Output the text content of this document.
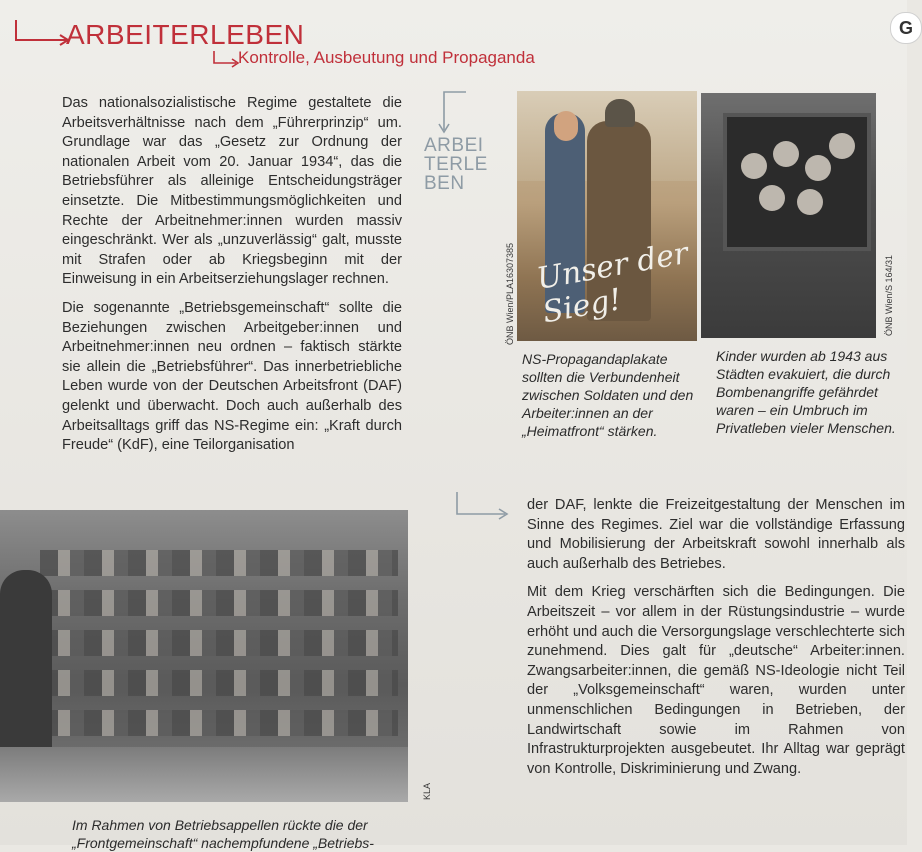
ARBEITERLEBEN
Kontrolle, Ausbeutung und Propaganda

Das nationalsozialistische Regime gestaltete die Arbeitsverhältnisse nach dem „Führerprinzip“ um. Grundlage war das „Gesetz zur Ordnung der nationalen Arbeit vom 20. Januar 1934“, das die Betriebsführer als alleinige Entscheidungsträger einsetzte. Die Mitbestimmungsmöglichkeiten und Rechte der Arbeitnehmer:innen wurden massiv eingeschränkt. Wer als „unzuverlässig“ galt, musste mit Strafen oder ab Kriegsbeginn mit der Einweisung in ein Arbeitserziehungslager rechnen.

Die sogenannte „Betriebsgemeinschaft“ sollte die Beziehungen zwischen Arbeitgeber:innen und Arbeitnehmer:innen neu ordnen – faktisch stärkte sie allein die „Betriebsführer“. Das innerbetriebliche Leben wurde von der Deutschen Arbeitsfront (DAF) gelenkt und überwacht. Doch auch außerhalb des Arbeitsalltags griff das NS-Regime ein: „Kraft durch Freude“ (KdF), eine Teilorganisation

ARBEI
TERLE
BEN
Unser der Sieg!
ÖNB Wien/PLA16307385	ÖNB Wien/S 164/31
NS-Propagandaplakate sollten die Verbundenheit zwischen Soldaten und den Arbeiter:innen an der „Heimatfront“ stärken.
Kinder wurden ab 1943 aus Städten evakuiert, die durch Bombenangriffe gefährdet waren – ein Umbruch im Privatleben vieler Menschen.
KLA
Im Rahmen von Betriebsappellen rückte die der „Frontgemeinschaft“ nachempfundene „Betriebs-

der DAF, lenkte die Freizeitgestaltung der Menschen im Sinne des Regimes. Ziel war die vollständige Erfassung und Mobilisierung der Arbeitskraft sowohl innerhalb als auch außerhalb des Betriebes.

Mit dem Krieg verschärften sich die Bedingungen. Die Arbeitszeit – vor allem in der Rüstungsindustrie – wurde erhöht und auch die Versorgungslage verschlechterte sich zunehmend. Dies galt für „deutsche“ Arbeiter:innen. Zwangsarbeiter:innen, die gemäß NS-Ideologie nicht Teil der „Volksgemeinschaft“ waren, wurden unter unmenschlichen Bedingungen in Betrieben, der Landwirtschaft sowie im Rahmen von Infrastrukturprojekten ausgebeutet. Ihr Alltag war geprägt von Kontrolle, Diskriminierung und Zwang.

G
